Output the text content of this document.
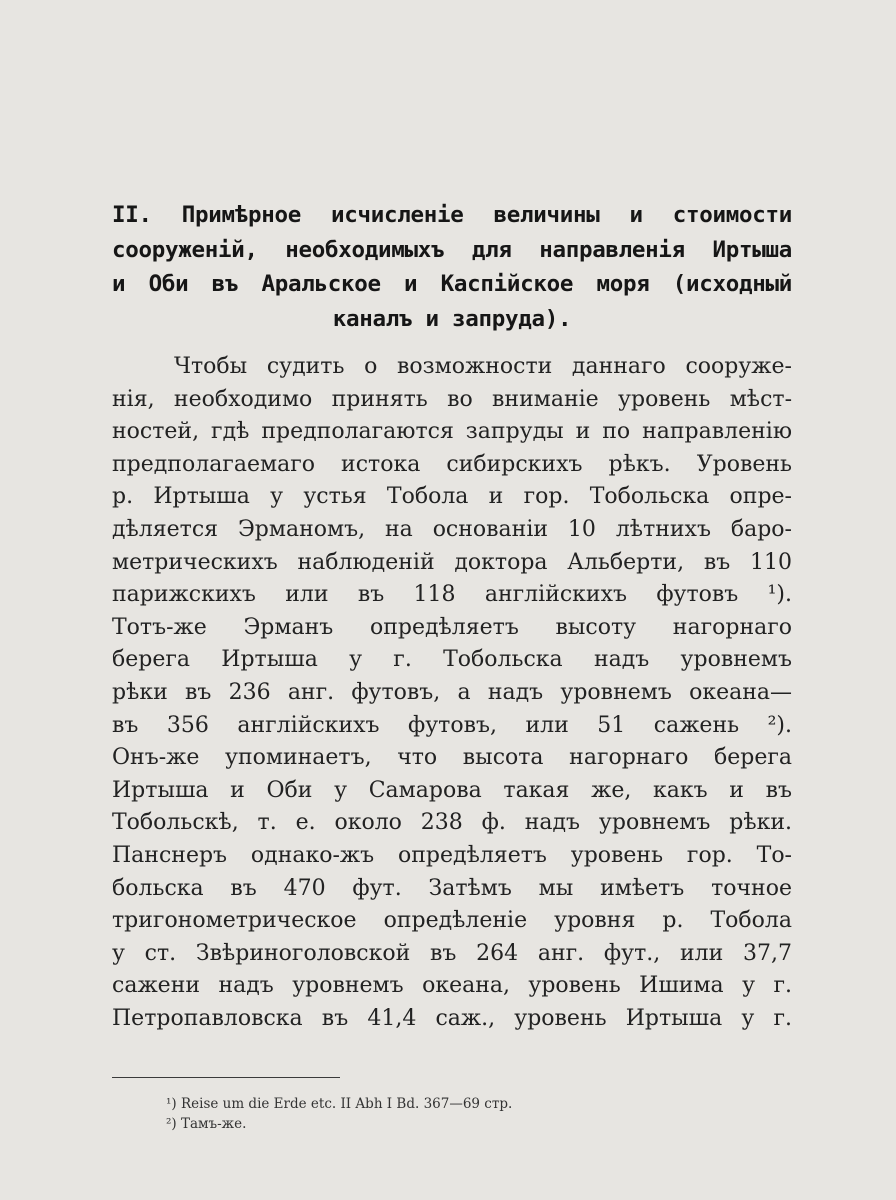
II. Примѣрное исчисленіе величины и стоимости
сооруженій, необходимыхъ для направленія Иртыша
и Оби въ Аральское и Каспійское моря (исходный
каналъ и запруда).
Чтобы судить о возможности даннаго сооруже-
нія, необходимо принять во вниманіе уровень мѣст-
ностей, гдѣ предполагаются запруды и по направленію
предполагаемаго истока сибирскихъ рѣкъ. Уровень
р. Иртыша у устья Тобола и гор. Тобольска опре-
дѣляется Эрманомъ, на основаніи 10 лѣтнихъ баро-
метрическихъ наблюденій доктора Альберти, въ 110
парижскихъ или въ 118 англійскихъ футовъ ¹).
Тотъ-же Эрманъ опредѣляетъ высоту нагорнаго
берега Иртыша у г. Тобольска надъ уровнемъ
рѣки въ 236 анг. футовъ, а надъ уровнемъ океана—
въ 356 англійскихъ футовъ, или 51 сажень ²).
Онъ-же упоминаетъ, что высота нагорнаго берега
Иртыша и Оби у Самарова такая же, какъ и въ
Тобольскѣ, т. е. около 238 ф. надъ уровнемъ рѣки.
Панснеръ однако-жъ опредѣляетъ уровень гор. То-
больска въ 470 фут. Затѣмъ мы имѣетъ точное
тригонометрическое опредѣленіе уровня р. Тобола
у ст. Звѣриноголовской въ 264 анг. фут., или 37,7
сажени надъ уровнемъ океана, уровень Ишима у г.
Петропавловска въ 41,4 саж., уровень Иртыша у г.
¹) Reise um die Erde etc. II Abh I Bd. 367—69 стр.
²) Тамъ-же.
